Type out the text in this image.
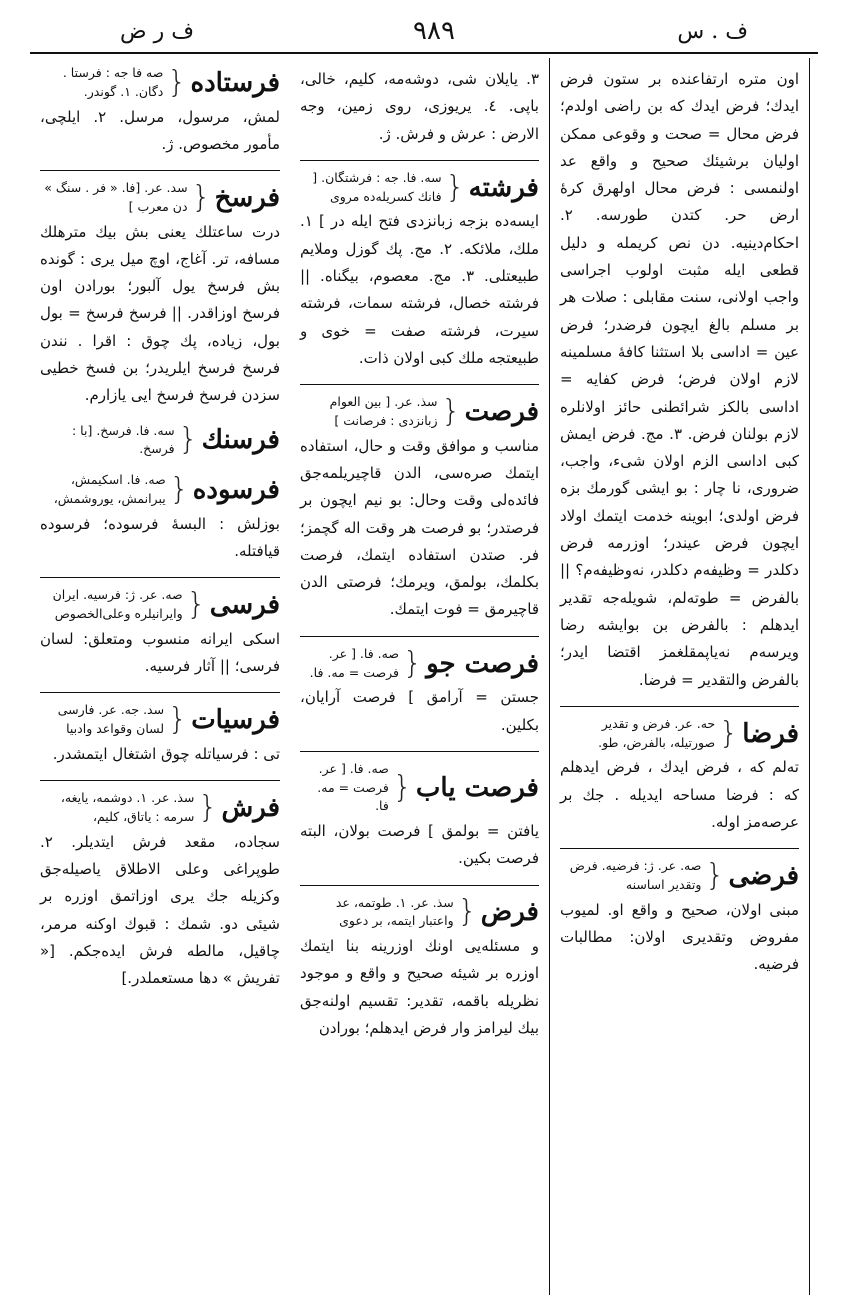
ف ر ض	٩٨٩	ف . س
فرستاده
{
صه فا جه : فرستا . دگان. ١. گوندر.

لمش، مرسول، مرسل. ٢. ایلچی، مأمور مخصوص. ژ.

فرسخ
{
سد. عر. [فا. « فر . سنگ » دن معرب ]

درت ساعتلك يعنى بش بيك مترهلك مسافه، تر. آغاج، اوچ ميل يرى : گونده بش فرسخ يول آلبور؛ بورادن اون فرسخ اوزاقدر. || فرسخ فرسخ = بول بول، زياده، پك چوق : اقرا . نندن فرسخ فرسخ ايلريدر؛ بن فسخ خطيى سزدن فرسخ فرسخ ايى يازارم.

فرسنك
{
سه. فا. فرسخ. [با : فرسخ.
فرسوده
{
صه. فا. اسكيمش، يبرانمش، يوروشمش،

بوزلش : البسۀ فرسوده؛ فرسوده قيافتله.

فرسى
{
صه. عر. ژ: فرسيه. ايران وايرانيلره وعلى‌الخصوص

اسكى ايرانه منسوب ومتعلق: لسان فرسى؛ || آثار فرسيه.

فرسيات
{
سد. جه. عر. فارسى لسان وقواعد وادبيا

تى : فرسياتله چوق اشتغال ايتمشدر.

فرش
{
سذ. عر. ١. دوشمه، يايغه، سرمه : ياتاق، كليم،

سجاده، مقعد فرش ايتديلر. ٢. طوپراغى وعلى الاطلاق ياصيله‌جق وكزيله جك يرى اوزاتمق اوزره بر شيئى دو. شمك : قبوك اوكنه مرمر، چاقيل، مالطه فرش ايده‌جكم. [« تفريش » دها مستعملدر.]

٣. يايلان شى، دوشه‌مه، كليم، خالى، باپى. ٤. يريوزى، روى زمين، وجه الارض : عرش و فرش. ژ.

فرشته
{
سه. فا. جه : فرشتگان. [ فانك كسريله‌ده مروى

ايسه‌ده بزجه زبانزدى فتح ايله در ] ١. ملك، ملائكه. ٢. مج. پك گوزل وملايم طبيعتلى. ٣. مج. معصوم، بيگناه. || فرشته خصال، فرشته سمات، فرشته سيرت، فرشته صفت = خوى و طبيعتجه ملك كبى اولان ذات.

فرصت
{
سذ. عر. [ بين العوام زبانزدى : فرصانت ]

مناسب و موافق وقت و حال، استفاده ايتمك صره‌سى، الدن قاچيريلمه‌جق فائده‌لى وقت وحال: بو نيم ايچون بر فرصتدر؛ بو فرصت هر وقت اله گچمز؛ فر. صتدن استفاده ايتمك، فرصت بكلمك، بولمق، ويرمك؛ فرصتى الدن قاچيرمق = فوت ايتمك.

فرصت جو
{
صه. فا. [ عر. فرصت = مه. فا.

جستن = آرامق ] فرصت آرايان، بكلين.

فرصت ياب
{
صه. فا. [ عر. فرصت = مه. فا.

يافتن = بولمق ] فرصت بولان، البته فرصت بكين.

فرض
{
سذ. عر. ١. طوتمه، عد واعتبار ايتمه، بر دعوى

و مسئله‌يى اونك اوزرينه بنا ايتمك اوزره بر شيئه صحيح و واقع و موجود نظريله باقمه، تقدير: تقسيم اولنه‌جق بيك ليرامز وار فرض ايدهلم؛ بورادن

اون متره ارتفاعنده بر ستون فرض ايدك؛ فرض ايدك كه بن راضى اولدم؛ فرض محال = صحت و وقوعى ممكن اوليان برشيئك صحيح و واقع عد اولنمسى : فرض محال اولهرق كرۀ ارض حر. كتدن طورسه. ٢. احكام‌دينيه. دن نص كريمله و دليل قطعى ايله مثبت اولوب اجراسى واجب اولانى، سنت مقابلى : صلات هر بر مسلم بالغ ايچون فرضدر؛ فرض عين = اداسى بلا استثنا كافۀ مسلمينه لازم اولان فرض؛ فرض كفايه = اداسى بالكز شرائطنى حائز اولانلره لازم بولنان فرض. ٣. مج. فرض ايمش كبى اداسى الزم اولان شىء، واجب، ضرورى، نا چار : بو ايشى گورمك بزه فرض اولدى؛ ابوينه خدمت ايتمك اولاد ايچون فرض عيندر؛ اوزرمه فرض دكلدر = وظيفه‌م دكلدر، نه‌وظيفه‌م؟ || بالفرض = طوته‌لم، شويله‌جه تقدير ايدهلم : بالفرض بن بوايشه رضا ويرسه‌م نه‌يا‌پمقلغمز اقتضا ايدر؛ بالفرض والتقدير = فرضا.

فرضا
{
حه. عر. فرض و تقدير صورتيله، بالفرض، طو.

ته‌لم كه ، فرض ايدك ، فرض ايدهلم كه : فرضا مساحه ايديله . جك بر عرصه‌مز اوله.

فرضى
{
صه. عر. ژ: فرضيه. فرض وتقدير اساسنه

مبنى اولان، صحيح و واقع او. لميوب مفروض وتقديرى اولان: مطالبات فرضيه.
